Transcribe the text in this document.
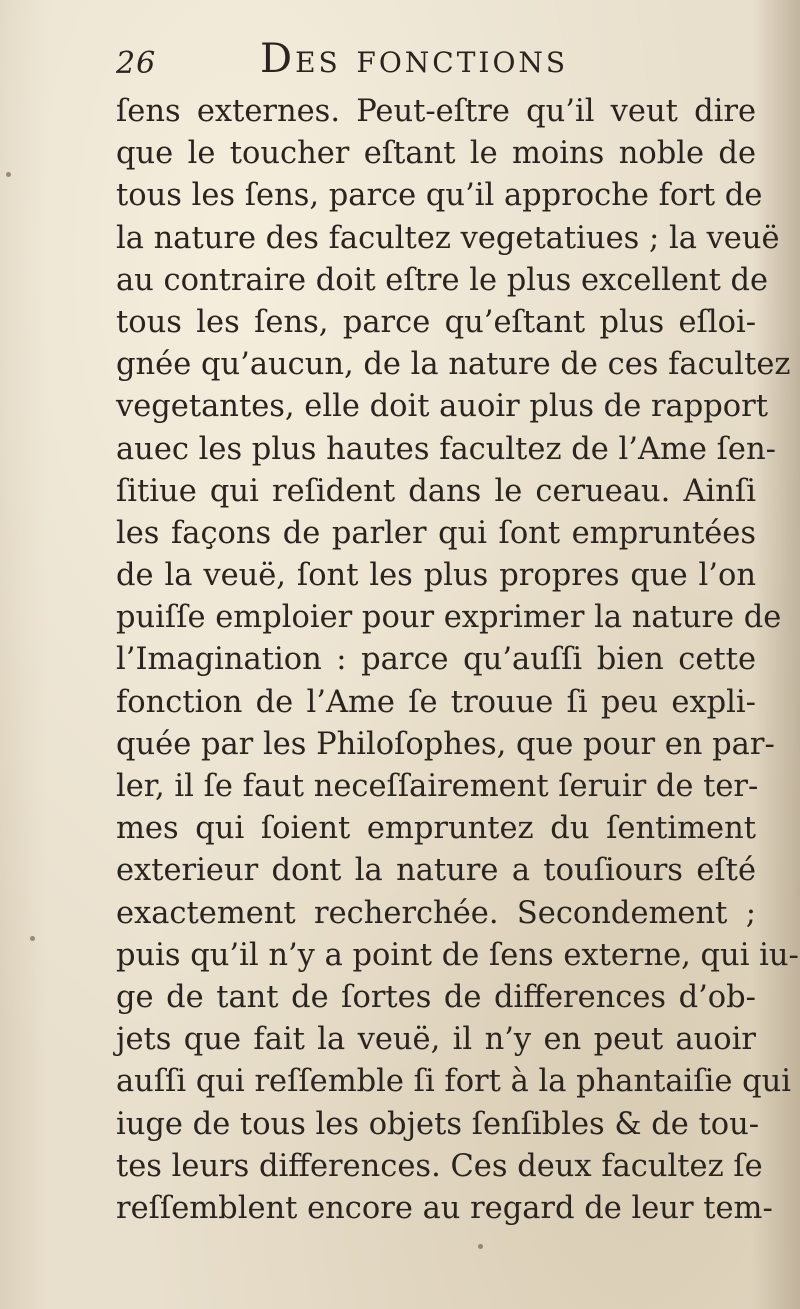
26	Des fonctions
ſens externes. Peut-eſtre qu’il veut dire
que le toucher eſtant le moins noble de
tous les ſens, parce qu’il approche fort de
la nature des facultez vegetatiues ; la veuë
au contraire doit eſtre le plus excellent de
tous les ſens, parce qu’eſtant plus eſloi-
gnée qu’aucun, de la nature de ces facultez
vegetantes, elle doit auoir plus de rapport
auec les plus hautes facultez de l’Ame ſen-
ſitiue qui reſident dans le cerueau. Ainſi
les façons de parler qui ſont empruntées
de la veuë, ſont les plus propres que l’on
puiſſe emploier pour exprimer la nature de
l’Imagination : parce qu’auſſi bien cette
fonction de l’Ame ſe trouue ſi peu expli-
quée par les Philoſophes, que pour en par-
ler, il ſe faut neceſſairement ſeruir de ter-
mes qui ſoient empruntez du ſentiment
exterieur dont la nature a touſiours eſté
exactement recherchée. Secondement ;
puis qu’il n’y a point de ſens externe, qui iu-
ge de tant de ſortes de differences d’ob-
jets que fait la veuë, il n’y en peut auoir
auſſi qui reſſemble ſi fort à la phantaiſie qui
iuge de tous les objets ſenſibles & de tou-
tes leurs differences. Ces deux facultez ſe
reſſemblent encore au regard de leur tem-
